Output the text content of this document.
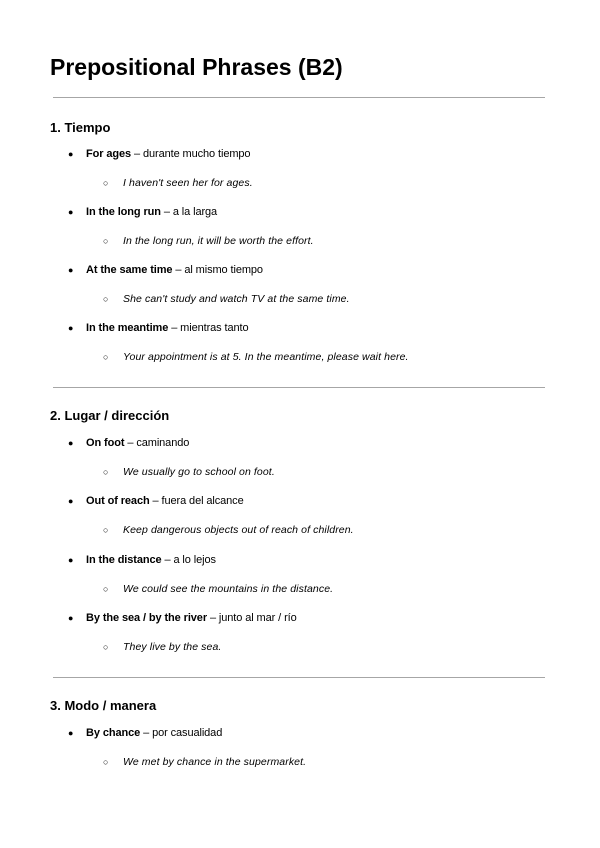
Prepositional Phrases (B2)
1. Tiempo

● For ages – durante mucho tiempo

○ I haven't seen her for ages.

● In the long run – a la larga

○ In the long run, it will be worth the effort.

● At the same time – al mismo tiempo

○ She can't study and watch TV at the same time.

● In the meantime – mientras tanto

○ Your appointment is at 5. In the meantime, please wait here.

2. Lugar / dirección

● On foot – caminando

○ We usually go to school on foot.

● Out of reach – fuera del alcance

○ Keep dangerous objects out of reach of children.

● In the distance – a lo lejos

○ We could see the mountains in the distance.

● By the sea / by the river – junto al mar / río

○ They live by the sea.

3. Modo / manera

● By chance – por casualidad

○ We met by chance in the supermarket.
